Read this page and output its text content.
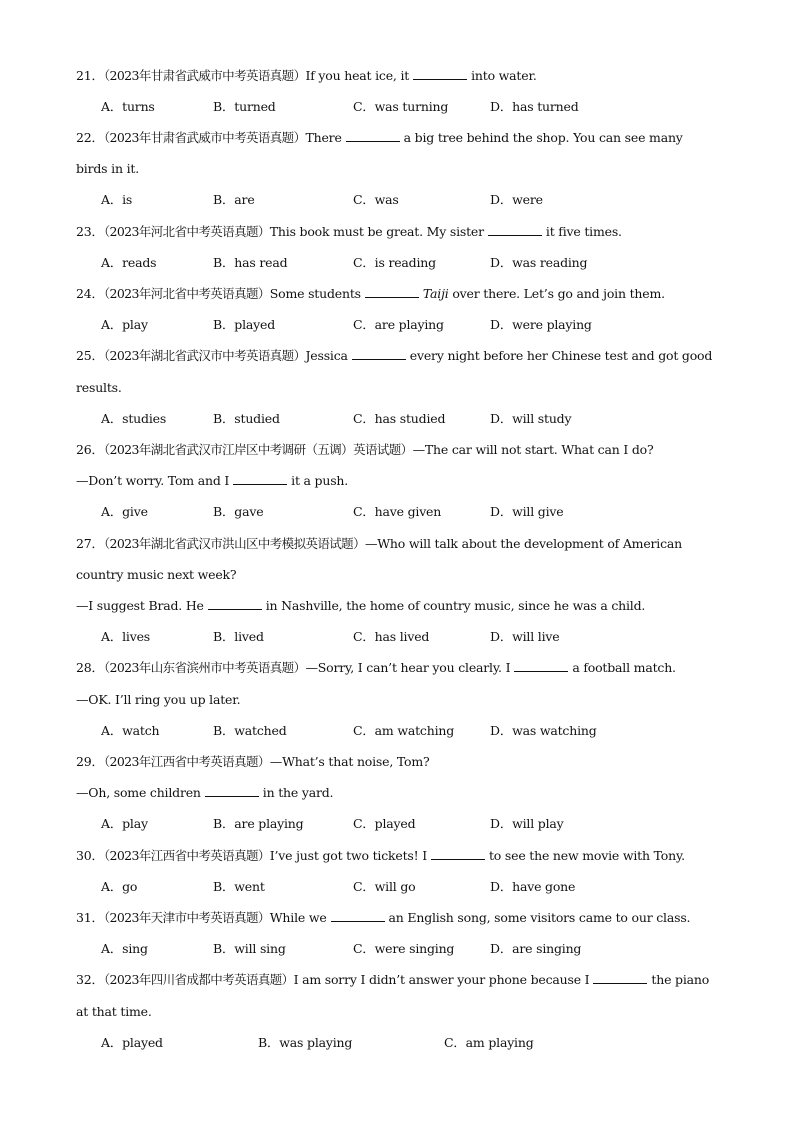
21．（2023年甘肃省武威市中考英语真题）If you heat ice, it	into water.
A．turns	B．turned	C．was turning	D．has turned
22．（2023年甘肃省武威市中考英语真题）There	a big tree behind the shop. You can see many
birds in it.
A．is	B．are	C．was	D．were
23．（2023年河北省中考英语真题）This book must be great. My sister	it five times.
A．reads	B．has read	C．is reading	D．was reading
24．（2023年河北省中考英语真题）Some students	Taiji over there. Let’s go and join them.
A．play	B．played	C．are playing	D．were playing
25．（2023年湖北省武汉市中考英语真题）Jessica	every night before her Chinese test and got good
results.
A．studies	B．studied	C．has studied	D．will study
26．（2023年湖北省武汉市江岸区中考调研（五调）英语试题）—The car will not start. What can I do?
—Don’t worry. Tom and I	it a push.
A．give	B．gave	C．have given	D．will give
27．（2023年湖北省武汉市洪山区中考模拟英语试题）—Who will talk about the development of American
country music next week?
—I suggest Brad. He	in Nashville, the home of country music, since he was a child.
A．lives	B．lived	C．has lived	D．will live
28．（2023年山东省滨州市中考英语真题）—Sorry, I can’t hear you clearly. I	a football match.
—OK. I’ll ring you up later.
A．watch	B．watched	C．am watching	D．was watching
29．（2023年江西省中考英语真题）—What’s that noise, Tom?
—Oh, some children	in the yard.
A．play	B．are playing	C．played	D．will play
30．（2023年江西省中考英语真题）I’ve just got two tickets! I	to see the new movie with Tony.
A．go	B．went	C．will go	D．have gone
31．（2023年天津市中考英语真题）While we	an English song, some visitors came to our class.
A．sing	B．will sing	C．were singing	D．are singing
32．（2023年四川省成都中考英语真题）I am sorry I didn’t answer your phone because I	the piano
at that time.
A．played	B．was playing	C．am playing
